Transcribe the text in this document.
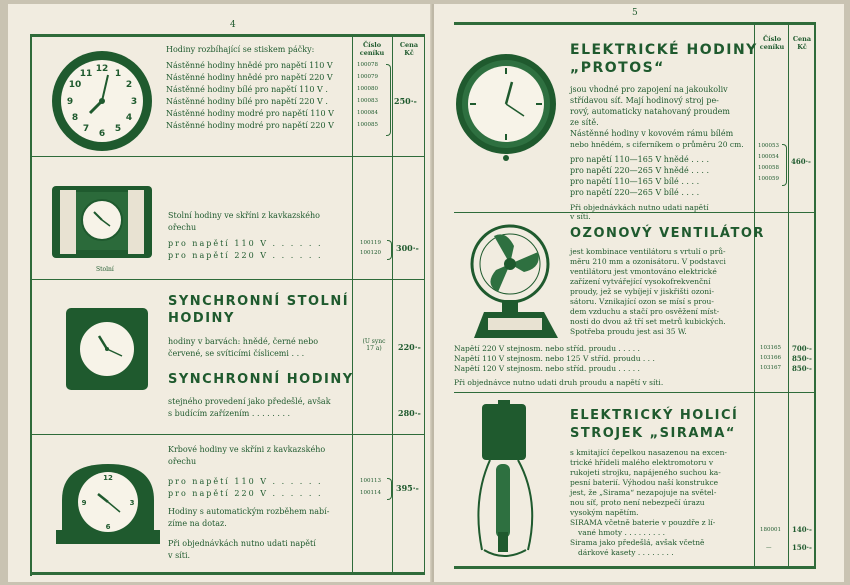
4
Číslo ceníku
Cena Kč
12 1
2
3
4
5
6
7
8
9
10
11
Hodiny rozbíhající se stiskem páčky:
Nástěnné hodiny hnědé pro napětí 110 V
Nástěnné hodiny hnědé pro napětí 220 V
Nástěnné hodiny bílé pro napětí 110 V .
Nástěnné hodiny bílé pro napětí 220 V .
Nástěnné hodiny modré pro napětí 110 V
Nástěnné hodiny modré pro napětí 220 V
100078
100079
100080
100083
100084
100085
250·-
Stolní
Stolní hodiny ve skříni z kavkazského
ořechu
pro napětí 110 V . . . . . .
pro napětí 220 V . . . . . .
100119
100120 300·-
SYNCHRONNÍ STOLNÍ
HODINY
hodiny v barvách: hnědé, černé nebo
červené, se svíticími číslicemi . . .
(U sync 17 a)	220·-
SYNCHRONNÍ HODINY
stejného provedení jako předešlé, avšak
s budícím zařízením . . . . . . . .	280·-
12
3
6
9
Krbové hodiny ve skříni z kavkazského
ořechu
pro napětí 110 V . . . . . .
pro napětí 220 V . . . . . .
100113
100114 395·-
Hodiny s automatickým rozběhem nabí-
zíme na dotaz.
Při objednávkách nutno udati napětí
v síti.
5
Číslo ceníku
Cena Kč
ELEKTRICKÉ HODINY
„PROTOS“
jsou vhodné pro zapojení na jakoukoliv
střídavou síť. Mají hodinový stroj pe-
rový, automaticky natahovaný proudem
ze sítě.
Nástěnné hodiny v kovovém rámu bílém
nebo hnědém, s ciferníkem o průměru 20 cm.
pro napětí 110—165 V hnědé . . . .
pro napětí 220—265 V hnědé . . . .
pro napětí 110—165 V bílé . . . .
pro napětí 220—265 V bílé . . . .
Při objednávkách nutno udati napětí
v síti.
100053
100054
100058
100059
460·-
OZONOVÝ VENTILÁTOR
jest kombinace ventilátoru s vrtulí o prů-
měru 210 mm a ozonisátoru. V podstavci
ventilátoru jest vmontováno elektrické
zařízení vytvářející vysokofrekvenční
proudy, jež se vybíjejí v jiskřišti ozoni-
sátoru. Vznikající ozon se mísí s prou-
dem vzduchu a stačí pro osvěžení míst-
nosti do dvou až tří set metrů kubických.
Spotřeba proudu jest asi 35 W.
Napětí 220 V stejnosm. nebo stříd. proudu . . . . .
Napětí 110 V stejnosm. nebo 125 V stříd. proudu . . .
Napětí 120 V stejnosm. nebo stříd. proudu . . . . .
103165
103166
103167
700·-
850·-
850·-
Při objednávce nutno udati druh proudu a napětí v síti.
ELEKTRICKÝ HOLICÍ
STROJEK „SIRAMA“
s kmitající čepelkou nasazenou na excen-
trické hřídeli malého elektromotoru v
rukojeti strojku, napájeného suchou ka-
pesní baterií. Výhodou naší konstrukce
jest, že „Sirama“ nezapojuje na světel-
nou síť, proto není nebezpečí úrazu
vysokým napětím.
SIRAMA včetně baterie v pouzdře z lí-
vané hmoty . . . . . . . . .
Sirama jako předešlá, avšak včetně
dárkové kasety . . . . . . . .
180001
—
140·-
150·-
